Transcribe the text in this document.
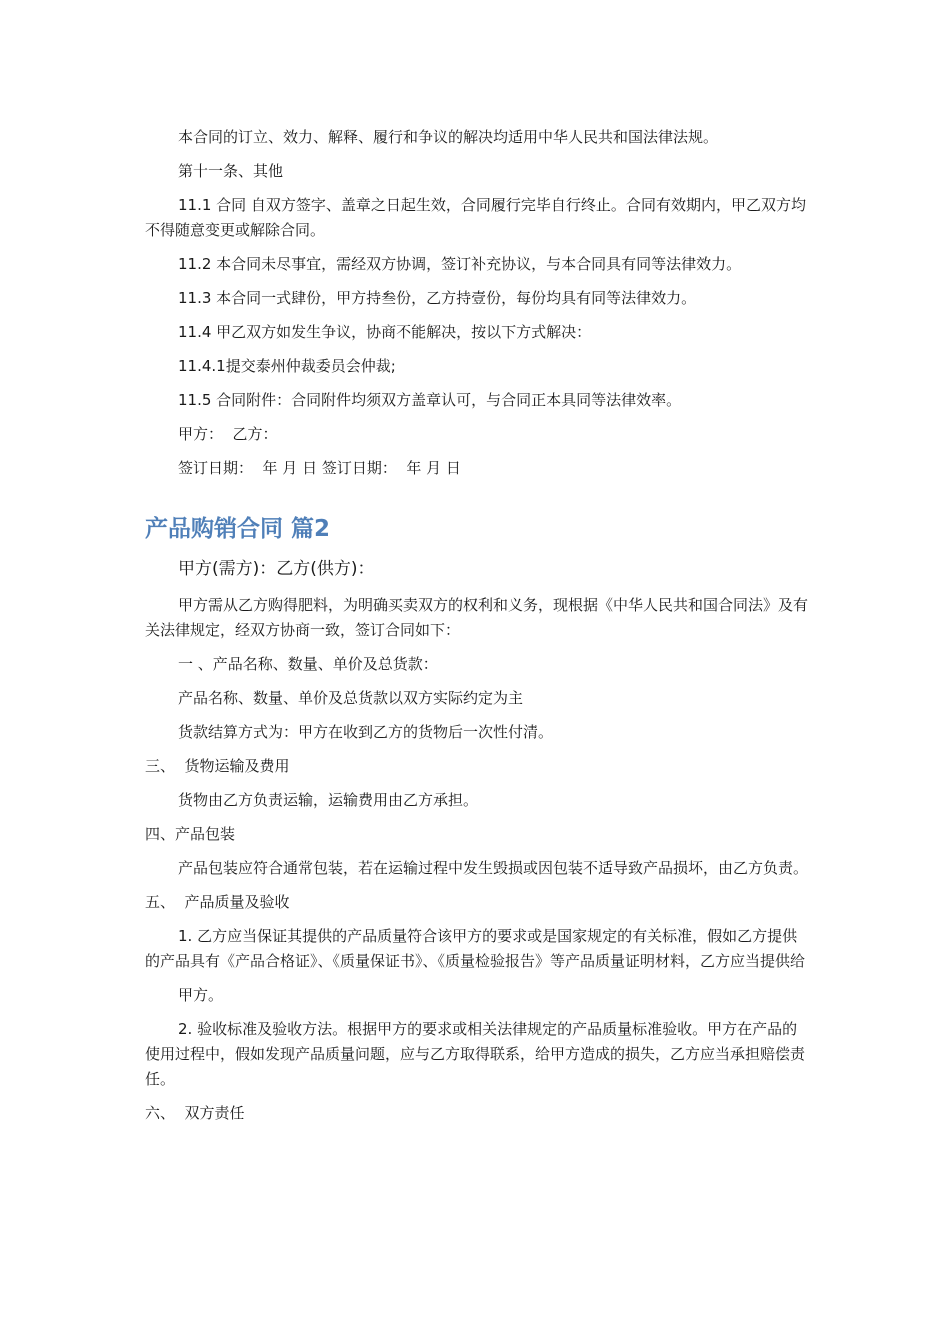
本合同的订立、效力、解释、履行和争议的解决均适用中华人民共和国法律法规。

第十一条、其他

11.1 合同 自双方签字、盖章之日起生效，合同履行完毕自行终止。合同有效期内，甲乙双方均不得随意变更或解除合同。

11.2 本合同未尽事宜，需经双方协调，签订补充协议，与本合同具有同等法律效力。

11.3 本合同一式肆份，甲方持叁份，乙方持壹份，每份均具有同等法律效力。

11.4 甲乙双方如发生争议，协商不能解决，按以下方式解决：

11.4.1提交泰州仲裁委员会仲裁;

11.5 合同附件：合同附件均须双方盖章认可，与合同正本具同等法律效率。

甲方：  乙方：

签订日期：  年 月 日 签订日期：  年 月 日

产品购销合同 篇2
甲方(需方)：乙方(供方)：

甲方需从乙方购得肥料，为明确买卖双方的权利和义务，现根据《中华人民共和国合同法》及有关法律规定，经双方协商一致，签订合同如下：

一 、产品名称、数量、单价及总货款：

产品名称、数量、单价及总货款以双方实际约定为主

货款结算方式为：甲方在收到乙方的货物后一次性付清。

三、  货物运输及费用

货物由乙方负责运输，运输费用由乙方承担。

四、产品包装

产品包装应符合通常包装，若在运输过程中发生毁损或因包装不适导致产品损坏，由乙方负责。

五、  产品质量及验收

1. 乙方应当保证其提供的产品质量符合该甲方的要求或是国家规定的有关标准，假如乙方提供的产品具有《产品合格证》、《质量保证书》、《质量检验报告》等产品质量证明材料，乙方应当提供给

甲方。

2. 验收标准及验收方法。根据甲方的要求或相关法律规定的产品质量标准验收。甲方在产品的使用过程中，假如发现产品质量问题，应与乙方取得联系，给甲方造成的损失，乙方应当承担赔偿责任。

六、  双方责任
